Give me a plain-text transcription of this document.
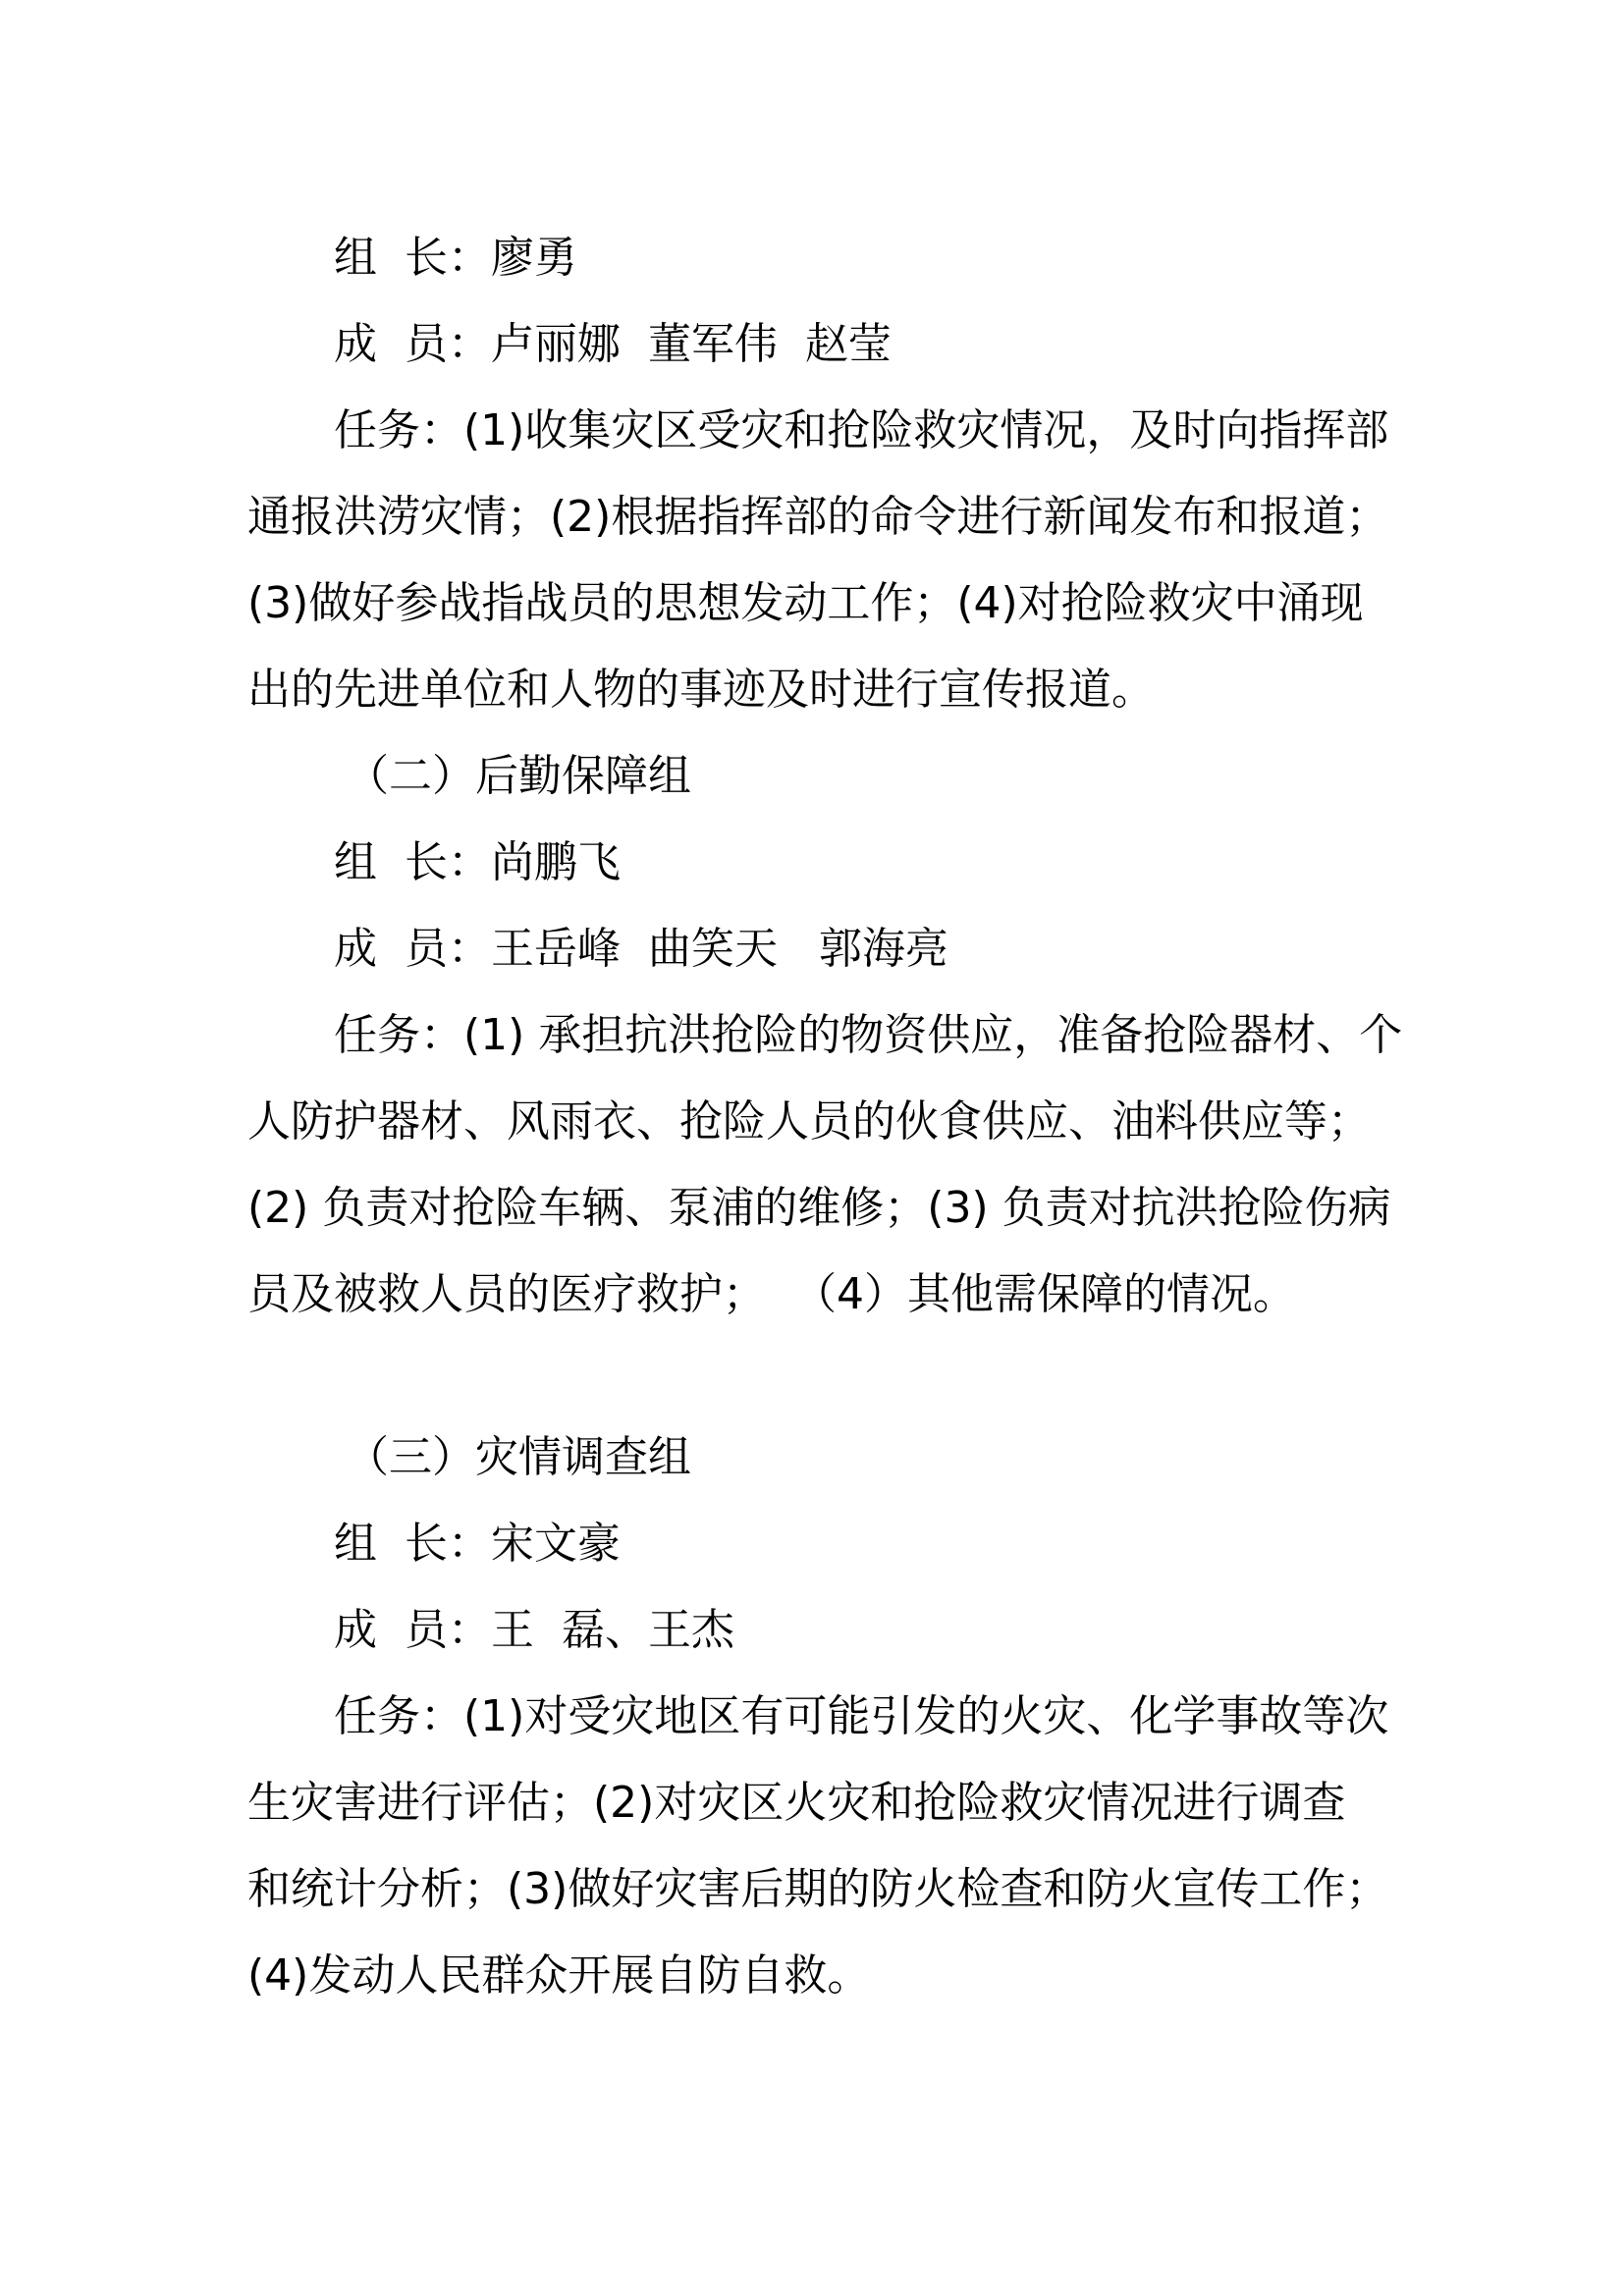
组  长：廖勇

成  员：卢丽娜  董军伟  赵莹

任务：(1)收集灾区受灾和抢险救灾情况，及时向指挥部

通报洪涝灾情；(2)根据指挥部的命令进行新闻发布和报道；

(3)做好参战指战员的思想发动工作；(4)对抢险救灾中涌现

出的先进单位和人物的事迹及时进行宣传报道。

（二）后勤保障组

组  长：尚鹏飞

成  员：王岳峰  曲笑天   郭海亮

任务：(1) 承担抗洪抢险的物资供应，准备抢险器材、个

人防护器材、风雨衣、抢险人员的伙食供应、油料供应等；

(2) 负责对抢险车辆、泵浦的维修；(3) 负责对抗洪抢险伤病

员及被救人员的医疗救护；  （4）其他需保障的情况。

（三）灾情调查组

组  长：宋文豪

成  员：王  磊、王杰

任务：(1)对受灾地区有可能引发的火灾、化学事故等次

生灾害进行评估；(2)对灾区火灾和抢险救灾情况进行调查

和统计分析；(3)做好灾害后期的防火检查和防火宣传工作；

(4)发动人民群众开展自防自救。
